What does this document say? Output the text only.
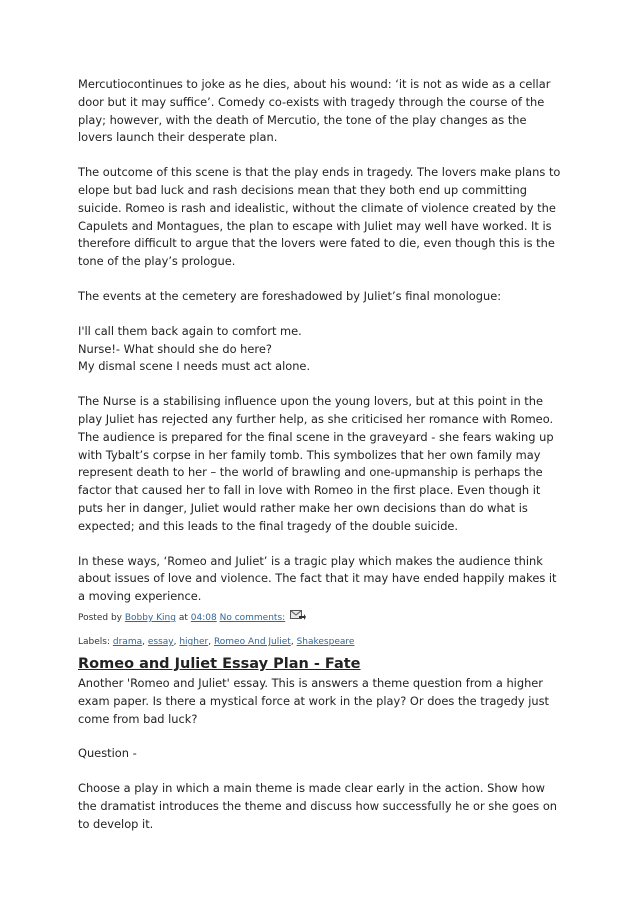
Mercutiocontinues to joke as he dies, about his wound: ‘it is not as wide as a cellar door but it may suffice’. Comedy co-exists with tragedy through the course of the play; however, with the death of Mercutio, the tone of the play changes as the lovers launch their desperate plan.

The outcome of this scene is that the play ends in tragedy. The lovers make plans to elope but bad luck and rash decisions mean that they both end up committing suicide. Romeo is rash and idealistic, without the climate of violence created by the Capulets and Montagues, the plan to escape with Juliet may well have worked. It is therefore difficult to argue that the lovers were fated to die, even though this is the tone of the play’s prologue.

The events at the cemetery are foreshadowed by Juliet’s final monologue:

I'll call them back again to comfort me.
Nurse!- What should she do here?
My dismal scene I needs must act alone.

The Nurse is a stabilising influence upon the young lovers, but at this point in the play Juliet has rejected any further help, as she criticised her romance with Romeo. The audience is prepared for the final scene in the graveyard - she fears waking up with Tybalt’s corpse in her family tomb. This symbolizes that her own family may represent death to her – the world of brawling and one-upmanship is perhaps the factor that caused her to fall in love with Romeo in the first place. Even though it puts her in danger, Juliet would rather make her own decisions than do what is expected; and this leads to the final tragedy of the double suicide.

In these ways, ‘Romeo and Juliet’ is a tragic play which makes the audience think about issues of love and violence. The fact that it may have ended happily makes it a moving experience.

Posted by Bobby King at 04:08 No comments:
Labels: drama, essay, higher, Romeo And Juliet, Shakespeare
Romeo and Juliet Essay Plan - Fate

Another 'Romeo and Juliet' essay. This is answers a theme question from a higher exam paper. Is there a mystical force at work in the play? Or does the tragedy just come from bad luck?

Question -

Choose a play in which a main theme is made clear early in the action. Show how the dramatist introduces the theme and discuss how successfully he or she goes on to develop it.
